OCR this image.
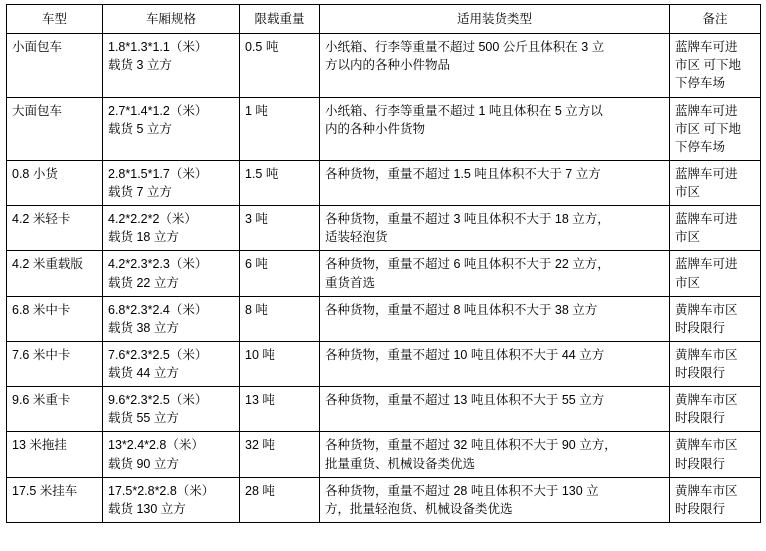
车型	车厢规格	限载重量	适用装货类型	备注
小面包车	1.8*1.3*1.1（米）
载货 3 立方	0.5 吨	小纸箱、行李等重量不超过 500 公斤且体积在 3 立
方以内的各种小件物品	蓝牌车可进
市区 可下地
下停车场

大面包车	2.7*1.4*1.2（米）
载货 5 立方	1 吨	小纸箱、行李等重量不超过 1 吨且体积在 5 立方以
内的各种小件货物	蓝牌车可进
市区 可下地
下停车场

0.8 小货	2.8*1.5*1.7（米）
载货 7 立方	1.5 吨	各种货物，重量不超过 1.5 吨且体积不大于 7 立方	蓝牌车可进
市区

4.2 米轻卡	4.2*2.2*2（米）
载货 18 立方	3 吨	各种货物，重量不超过 3 吨且体积不大于 18 立方，
适装轻泡货	蓝牌车可进
市区

4.2 米重载版	4.2*2.3*2.3（米）
载货 22 立方	6 吨	各种货物，重量不超过 6 吨且体积不大于 22 立方，
重货首选	蓝牌车可进
市区

6.8 米中卡	6.8*2.3*2.4（米）
载货 38 立方	8 吨	各种货物，重量不超过 8 吨且体积不大于 38 立方	黄牌车市区
时段限行

7.6 米中卡	7.6*2.3*2.5（米）
载货 44 立方	10 吨	各种货物，重量不超过 10 吨且体积不大于 44 立方	黄牌车市区
时段限行

9.6 米重卡	9.6*2.3*2.5（米）
载货 55 立方	13 吨	各种货物，重量不超过 13 吨且体积不大于 55 立方	黄牌车市区
时段限行

13 米拖挂	13*2.4*2.8（米）
载货 90 立方	32 吨	各种货物，重量不超过 32 吨且体积不大于 90 立方，
批量重货、机械设备类优选	黄牌车市区
时段限行

17.5 米挂车	17.5*2.8*2.8（米）
载货 130 立方	28 吨	各种货物，重量不超过 28 吨且体积不大于 130 立
方，批量轻泡货、机械设备类优选	黄牌车市区
时段限行
